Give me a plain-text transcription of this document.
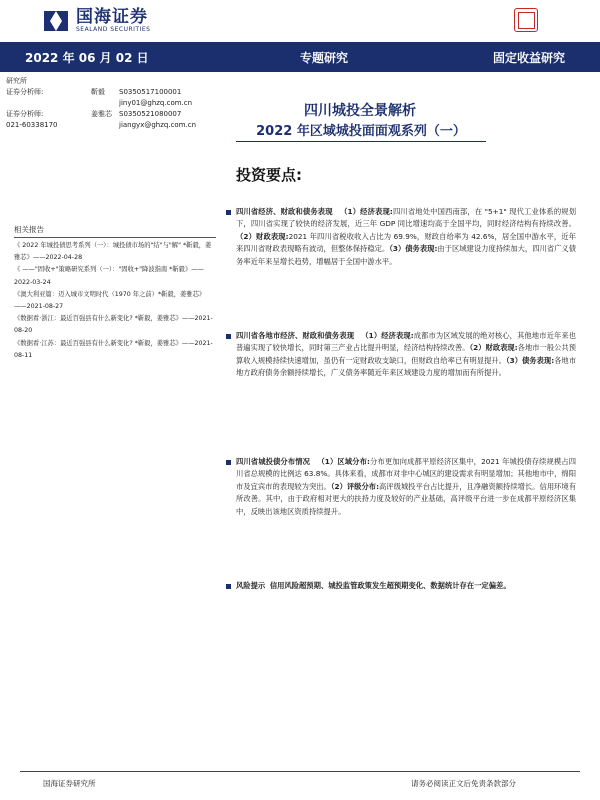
国海证券
SEALAND SECURITIES
2022 年 06 月 02 日	专题研究	固定收益研究
研究所
证券分析师:	靳毅	S0350517100001
jiny01@ghzq.com.cn
证券分析师:	姜雅芯	S0350521080007
021-60338170	jiangyx@ghzq.com.cn
四川城投全景解析
2022 年区域城投面面观系列（一）
投资要点:
相关报告

《 2022 年城投债思考系列（一）：城投债市场的"结"与"解" *靳毅，姜雅芯》——2022-04-28

《 ——"固收+"策略研究系列（一）："固收+"降波指南 *靳毅》——2022-03-24

《澳大利亚篇：迈入城市文明时代（1970 年之前）*靳毅，姜雅芯》——2021-08-27

《数据看·浙江：最近百强县有什么新变化? *靳毅，姜雅芯》——2021-08-20

《数据看·江苏：最近百强县有什么新变化? *靳毅，姜雅芯》——2021-08-11

四川省经济、财政和债务表现 （1）经济表现:四川省地处中国西南部，在 "5+1" 现代工业体系的规划下，四川省实现了较快的经济发展，近三年 GDP 同比增速均高于全国平均，同时经济结构有持续改善。（2）财政表现:2021 年四川省税收收入占比为 69.9%，财政自给率为 42.6%，居全国中游水平，近年来四川省财政表现略有波动，但整体保持稳定。（3）债务表现:由于区域建设力度持续加大，四川省广义债务率近年来呈增长趋势，增幅居于全国中游水平。
四川省各地市经济、财政和债务表现 （1）经济表现:成都市为区域发展的绝对核心，其他地市近年来也普遍实现了较快增长，同时第三产业占比提升明显，经济结构持续改善。（2）财政表现:各地市一般公共预算收入规模持续快速增加，虽仍有一定财政收支缺口，但财政自给率已有明显提升。（3）债务表现:各地市地方政府债务余额持续增长，广义债务率随近年来区域建设力度的增加而有所提升。
四川省城投债分布情况 （1）区域分布:分布更加向成都平原经济区集中，2021 年城投债存续规模占四川省总规模的比例达 63.8%。具体来看，成都市对非中心城区的建设需求有明显增加；其他地市中，绵阳市及宜宾市的表现较为突出。（2）评级分布:高评级城投平台占比提升，且净融资额持续增长。信用环境有所改善。其中，由于政府相对更大的扶持力度及较好的产业基础，高评级平台进一步在成都平原经济区集中，反映出该地区资质持续提升。
风险提示 信用风险超预期、城投监管政策发生超预期变化、数据统计存在一定偏差。
国海证券研究所	请务必阅读正文后免责条款部分
